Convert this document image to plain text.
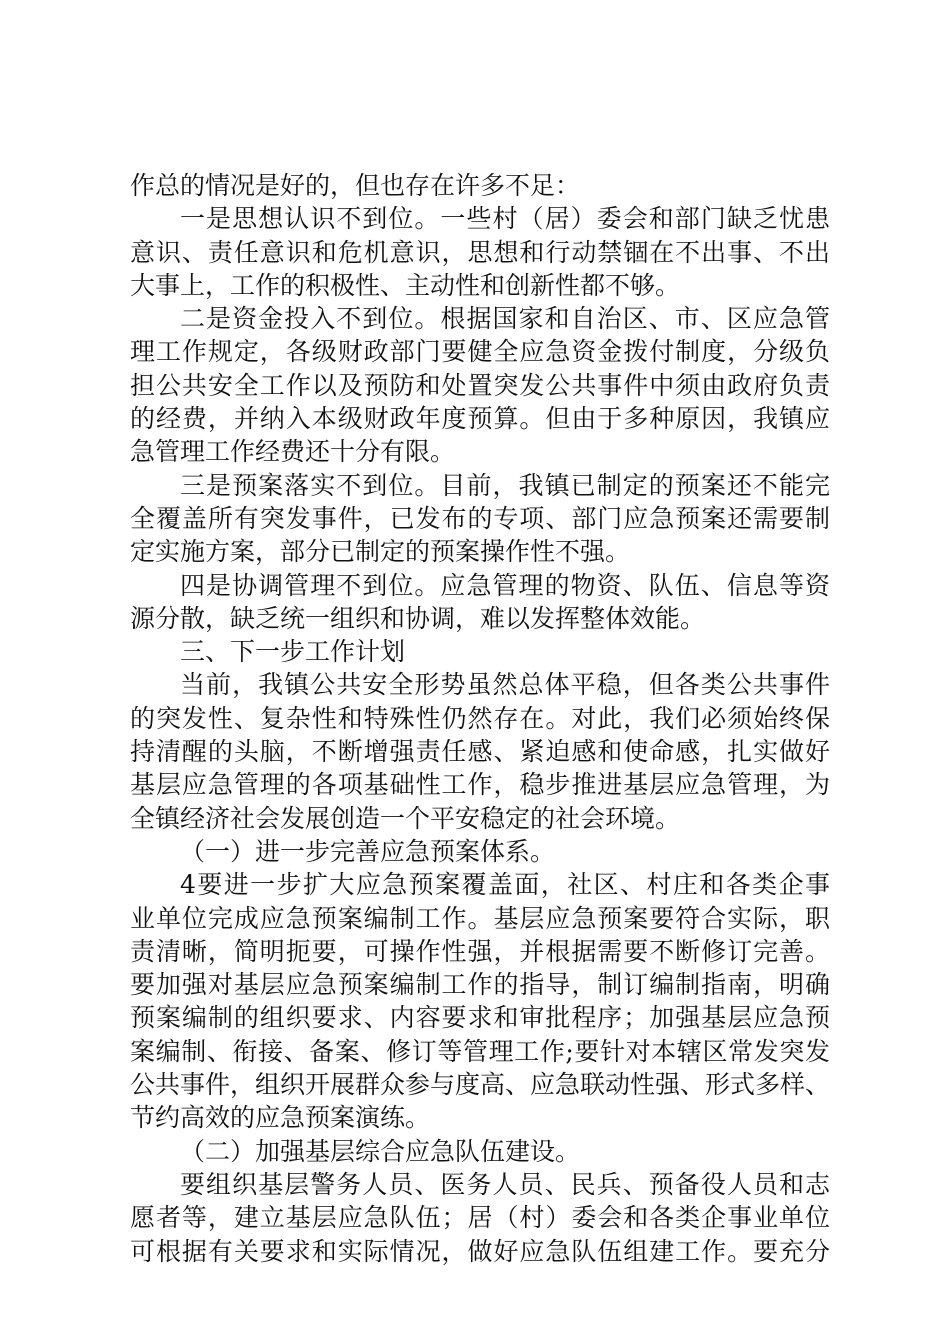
作总的情况是好的，但也存在许多不足：
一是思想认识不到位。一些村（居）委会和部门缺乏忧患
意识、责任意识和危机意识，思想和行动禁锢在不出事、不出
大事上，工作的积极性、主动性和创新性都不够。
二是资金投入不到位。根据国家和自治区、市、区应急管
理工作规定，各级财政部门要健全应急资金拨付制度，分级负
担公共安全工作以及预防和处置突发公共事件中须由政府负责
的经费，并纳入本级财政年度预算。但由于多种原因，我镇应
急管理工作经费还十分有限。
三是预案落实不到位。目前，我镇已制定的预案还不能完
全覆盖所有突发事件，已发布的专项、部门应急预案还需要制
定实施方案，部分已制定的预案操作性不强。
四是协调管理不到位。应急管理的物资、队伍、信息等资
源分散，缺乏统一组织和协调，难以发挥整体效能。
三、下一步工作计划
当前，我镇公共安全形势虽然总体平稳，但各类公共事件
的突发性、复杂性和特殊性仍然存在。对此，我们必须始终保
持清醒的头脑，不断增强责任感、紧迫感和使命感，扎实做好
基层应急管理的各项基础性工作，稳步推进基层应急管理，为
全镇经济社会发展创造一个平安稳定的社会环境。
（一）进一步完善应急预案体系。
4要进一步扩大应急预案覆盖面，社区、村庄和各类企事
业单位完成应急预案编制工作。基层应急预案要符合实际，职
责清晰，简明扼要，可操作性强，并根据需要不断修订完善。
要加强对基层应急预案编制工作的指导，制订编制指南，明确
预案编制的组织要求、内容要求和审批程序；加强基层应急预
案编制、衔接、备案、修订等管理工作;要针对本辖区常发突发
公共事件，组织开展群众参与度高、应急联动性强、形式多样、
节约高效的应急预案演练。
（二）加强基层综合应急队伍建设。
要组织基层警务人员、医务人员、民兵、预备役人员和志
愿者等，建立基层应急队伍；居（村）委会和各类企事业单位
可根据有关要求和实际情况，做好应急队伍组建工作。要充分
